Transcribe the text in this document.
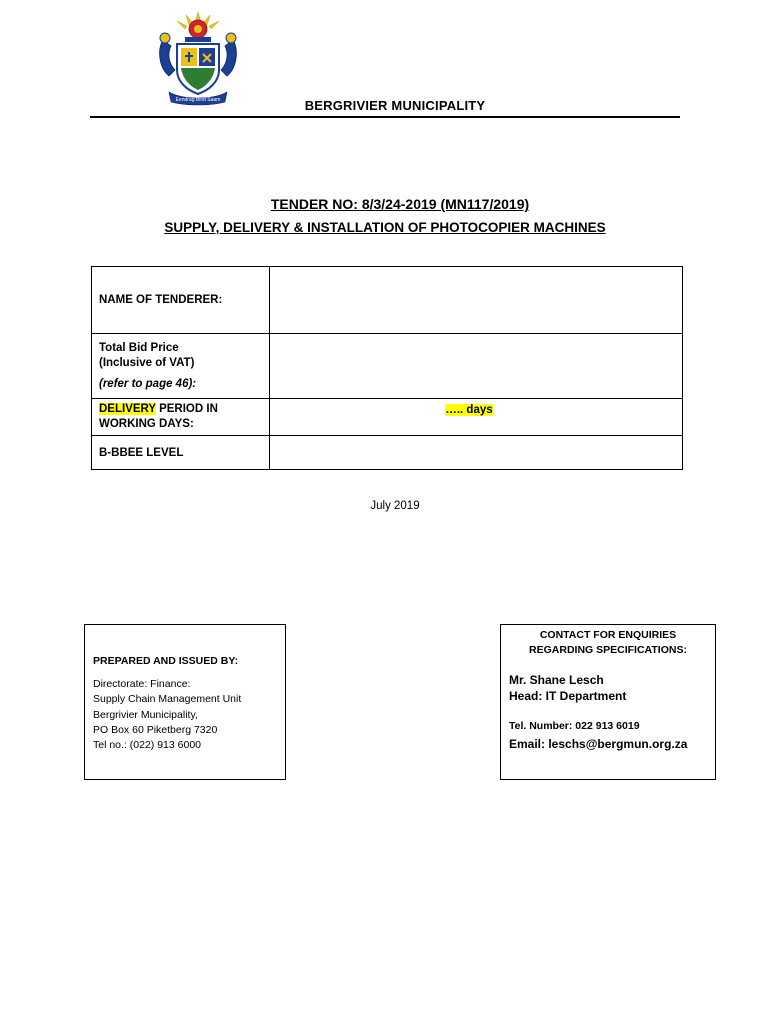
Eendrag Bind Saam	BERGRIVIER MUNICIPALITY
TENDER NO: 8/3/24-2019 (MN117/2019)
SUPPLY, DELIVERY & INSTALLATION OF PHOTOCOPIER MACHINES
NAME OF TENDERER:	

Total Bid Price
(Inclusive of VAT)
(refer to page 46):	

DELIVERY PERIOD IN
WORKING DAYS:	….. days
B-BBEE LEVEL	
July 2019
PREPARED AND ISSUED BY:
Directorate: Finance:
Supply Chain Management Unit
Bergrivier Municipality,
PO Box 60 Piketberg 7320
Tel no.: (022) 913 6000
CONTACT FOR ENQUIRIES
REGARDING SPECIFICATIONS:
Mr. Shane Lesch
Head: IT Department
Tel. Number: 022 913 6019
Email: leschs@bergmun.org.za
